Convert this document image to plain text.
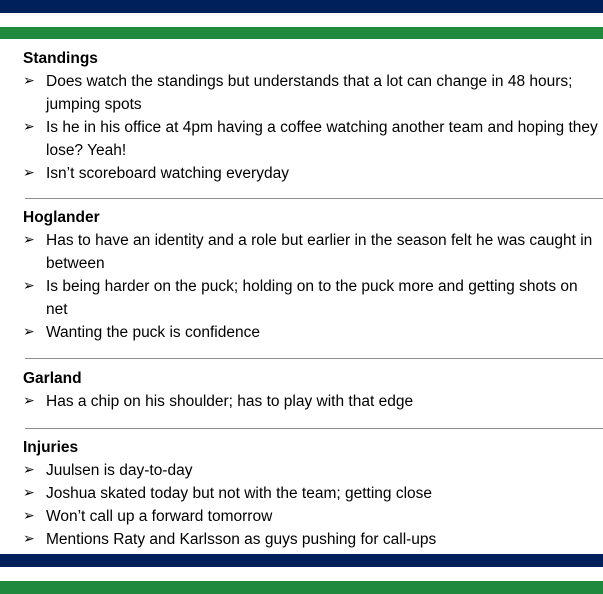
Standings
➢ Does watch the standings but understands that a lot can change in 48 hours; jumping spots
➢ Is he in his office at 4pm having a coffee watching another team and hoping they lose? Yeah!
➢ Isn’t scoreboard watching everyday
Hoglander
➢ Has to have an identity and a role but earlier in the season felt he was caught in between
➢ Is being harder on the puck; holding on to the puck more and getting shots on net
➢ Wanting the puck is confidence
Garland
➢ Has a chip on his shoulder; has to play with that edge
Injuries
➢ Juulsen is day-to-day
➢ Joshua skated today but not with the team; getting close
➢ Won’t call up a forward tomorrow
➢ Mentions Raty and Karlsson as guys pushing for call-ups
